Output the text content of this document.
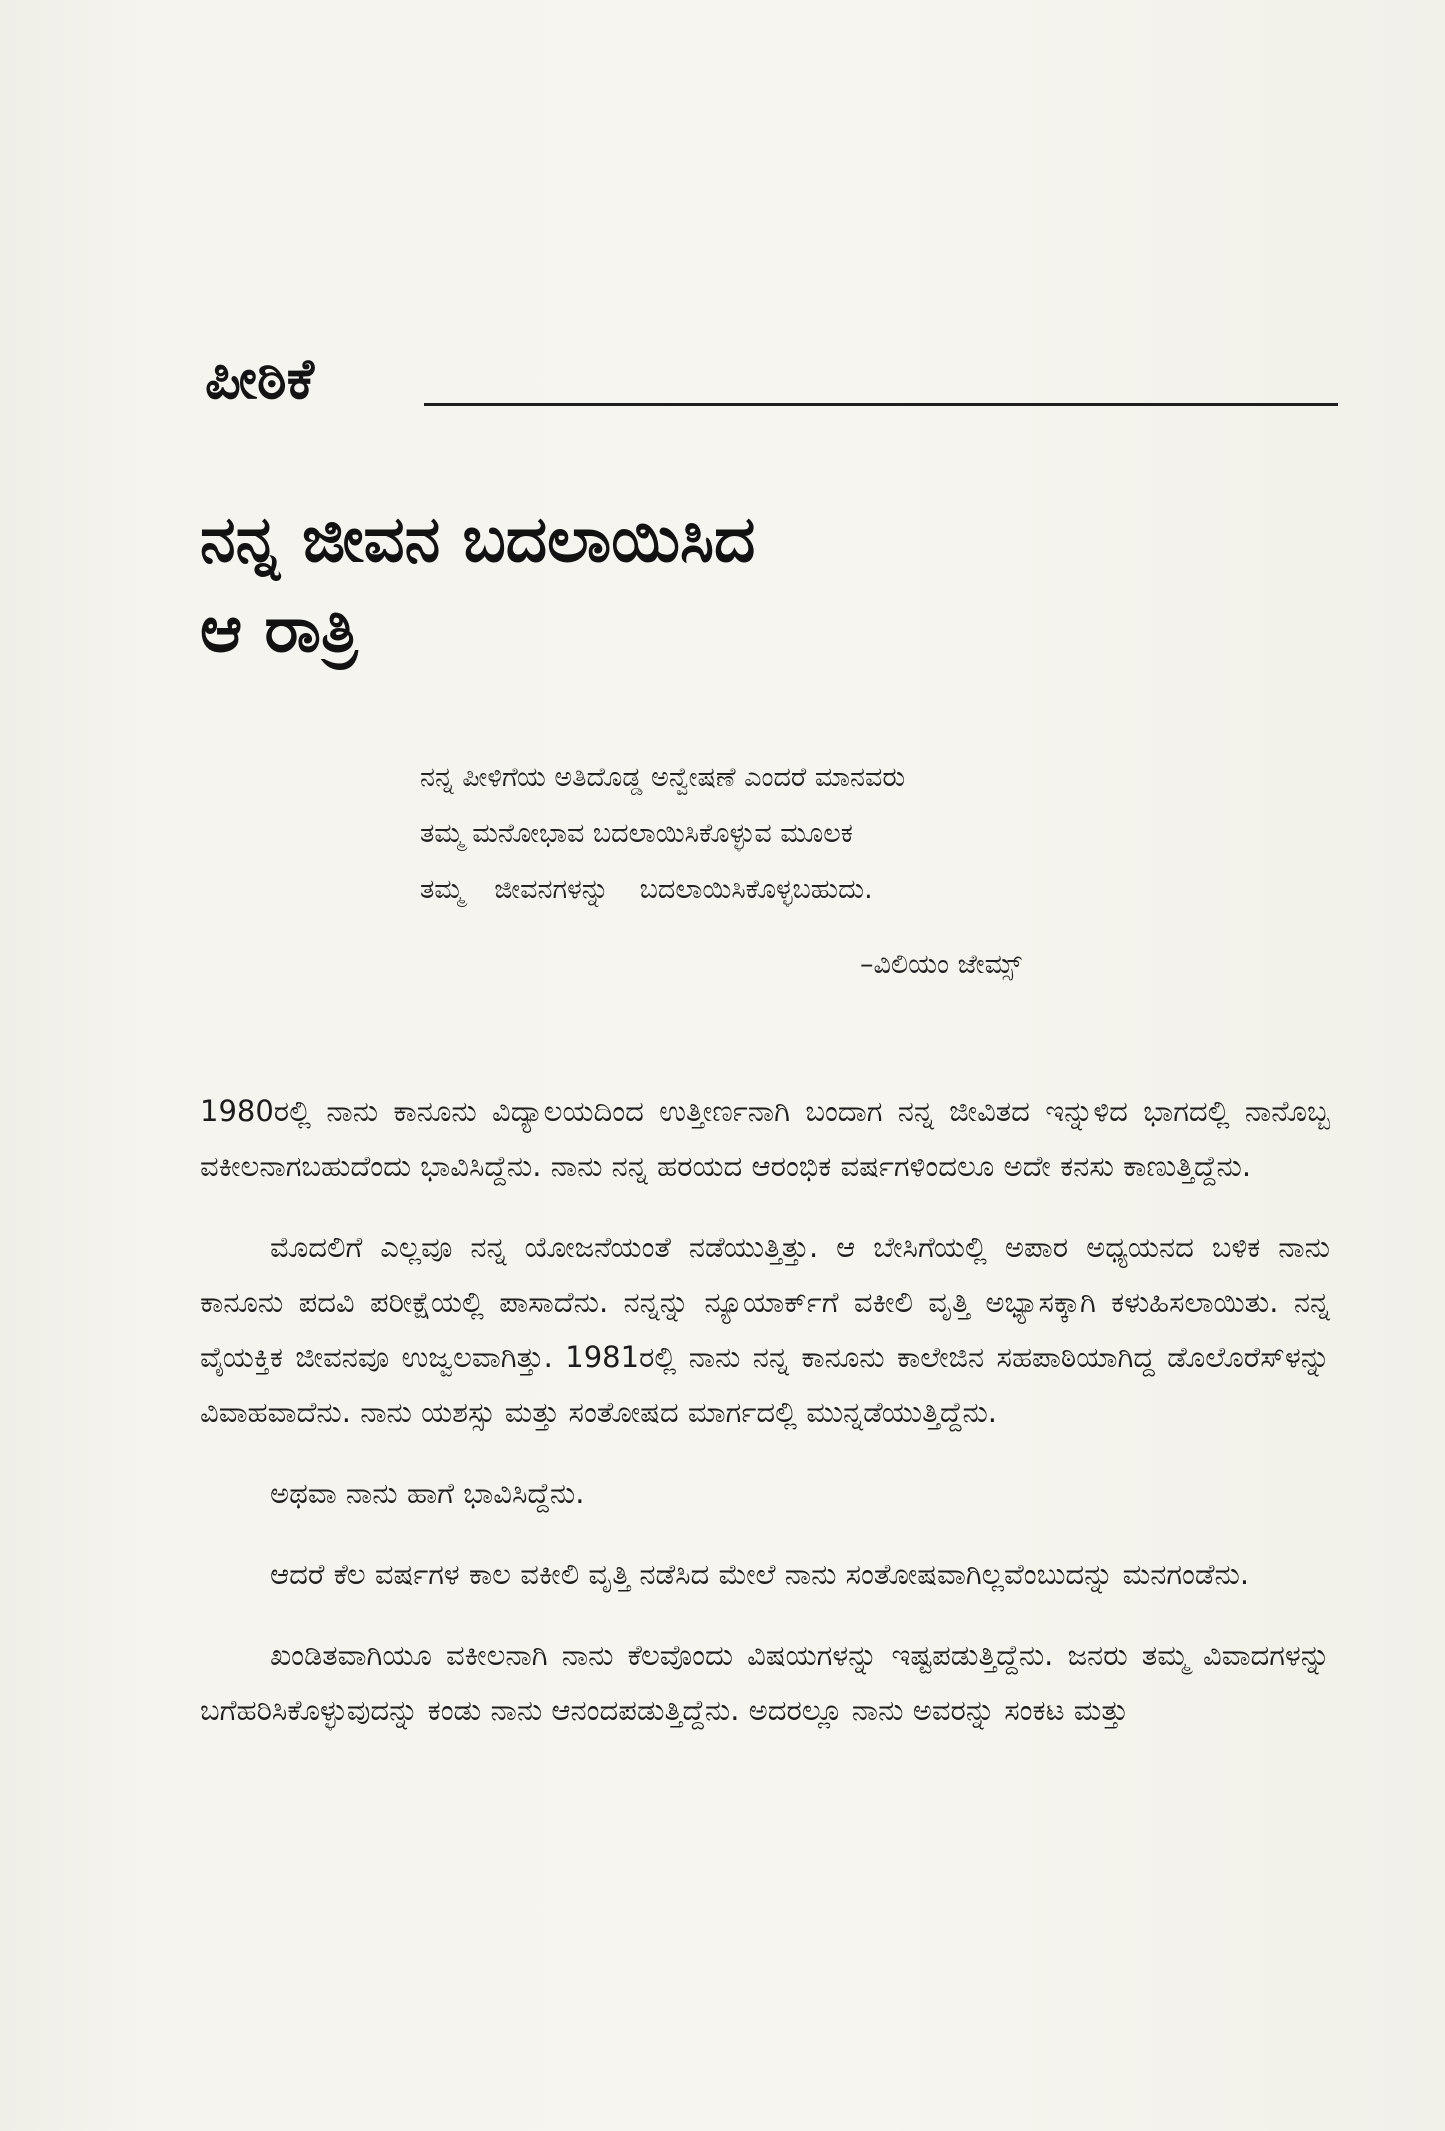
ಪೀಠಿಕೆ
ನನ್ನ ಜೀವನ ಬದಲಾಯಿಸಿದ
ಆ ರಾತ್ರಿ
ನನ್ನ ಪೀಳಿಗೆಯ ಅತಿದೊಡ್ಡ ಅನ್ವೇಷಣೆ ಎಂದರೆ ಮಾನವರು
ತಮ್ಮ ಮನೋಭಾವ ಬದಲಾಯಿಸಿಕೊಳ್ಳುವ ಮೂಲಕ
ತಮ್ಮ ಜೀವನಗಳನ್ನು ಬದಲಾಯಿಸಿಕೊಳ್ಳಬಹುದು.
–ವಿಲಿಯಂ ಜೇಮ್ಸ್

1980ರಲ್ಲಿ ನಾನು ಕಾನೂನು ವಿದ್ಯಾಲಯದಿಂದ ಉತ್ತೀರ್ಣನಾಗಿ ಬಂದಾಗ ನನ್ನ ಜೀವಿತದ ಇನ್ನುಳಿದ ಭಾಗದಲ್ಲಿ ನಾನೊಬ್ಬ ವಕೀಲನಾಗಬಹುದೆಂದು ಭಾವಿಸಿದ್ದೆನು. ನಾನು ನನ್ನ ಹರಯದ ಆರಂಭಿಕ ವರ್ಷಗಳಿಂದಲೂ ಅದೇ ಕನಸು ಕಾಣುತ್ತಿದ್ದೆನು.

ಮೊದಲಿಗೆ ಎಲ್ಲವೂ ನನ್ನ ಯೋಜನೆಯಂತೆ ನಡೆಯುತ್ತಿತ್ತು. ಆ ಬೇಸಿಗೆಯಲ್ಲಿ ಅಪಾರ ಅಧ್ಯಯನದ ಬಳಿಕ ನಾನು ಕಾನೂನು ಪದವಿ ಪರೀಕ್ಷೆಯಲ್ಲಿ ಪಾಸಾದೆನು. ನನ್ನನ್ನು ನ್ಯೂಯಾರ್ಕ್‌ಗೆ ವಕೀಲಿ ವೃತ್ತಿ ಅಭ್ಯಾಸಕ್ಕಾಗಿ ಕಳುಹಿಸಲಾಯಿತು. ನನ್ನ ವೈಯಕ್ತಿಕ ಜೀವನವೂ ಉಜ್ವಲವಾಗಿತ್ತು. 1981ರಲ್ಲಿ ನಾನು ನನ್ನ ಕಾನೂನು ಕಾಲೇಜಿನ ಸಹಪಾಠಿಯಾಗಿದ್ದ ಡೊಲೊರೆಸ್‌ಳನ್ನು ವಿವಾಹವಾದೆನು. ನಾನು ಯಶಸ್ಸು ಮತ್ತು ಸಂತೋಷದ ಮಾರ್ಗದಲ್ಲಿ ಮುನ್ನಡೆಯುತ್ತಿದ್ದೆನು.

ಅಥವಾ ನಾನು ಹಾಗೆ ಭಾವಿಸಿದ್ದೆನು.

ಆದರೆ ಕೆಲ ವರ್ಷಗಳ ಕಾಲ ವಕೀಲಿ ವೃತ್ತಿ ನಡೆಸಿದ ಮೇಲೆ ನಾನು ಸಂತೋಷವಾಗಿಲ್ಲವೆಂಬುದನ್ನು ಮನಗಂಡೆನು.

ಖಂಡಿತವಾಗಿಯೂ ವಕೀಲನಾಗಿ ನಾನು ಕೆಲವೊಂದು ವಿಷಯಗಳನ್ನು ಇಷ್ಟಪಡುತ್ತಿದ್ದೆನು. ಜನರು ತಮ್ಮ ವಿವಾದಗಳನ್ನು ಬಗೆಹರಿಸಿಕೊಳ್ಳುವುದನ್ನು ಕಂಡು ನಾನು ಆನಂದಪಡುತ್ತಿದ್ದೆನು. ಅದರಲ್ಲೂ ನಾನು ಅವರನ್ನು ಸಂಕಟ ಮತ್ತು
